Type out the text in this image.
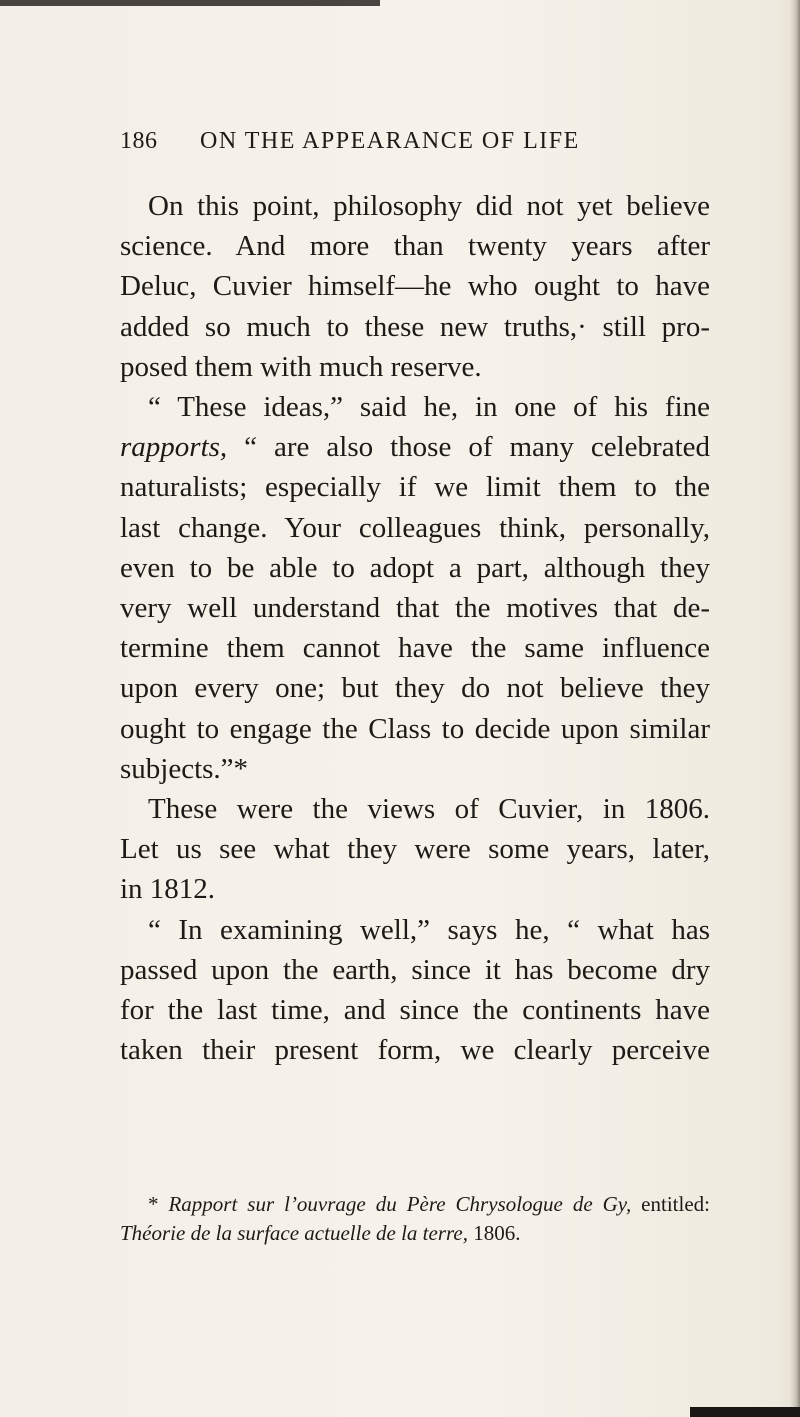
186 ON THE APPEARANCE OF LIFE
On this point, philosophy did not yet believe
science. And more than twenty years after
Deluc, Cuvier himself—he who ought to have
added so much to these new truths,· still pro-
posed them with much reserve.
“ These ideas,” said he, in one of his fine
rapports, “ are also those of many celebrated
naturalists; especially if we limit them to the
last change. Your colleagues think, personally,
even to be able to adopt a part, although they
very well understand that the motives that de-
termine them cannot have the same influence
upon every one; but they do not believe they
ought to engage the Class to decide upon similar
subjects.”*
These were the views of Cuvier, in 1806.
Let us see what they were some years, later,
in 1812.
“ In examining well,” says he, “ what has
passed upon the earth, since it has become dry
for the last time, and since the continents have
taken their present form, we clearly perceive
* Rapport sur l’ouvrage du Père Chrysologue de Gy, entitled:
Théorie de la surface actuelle de la terre, 1806.
